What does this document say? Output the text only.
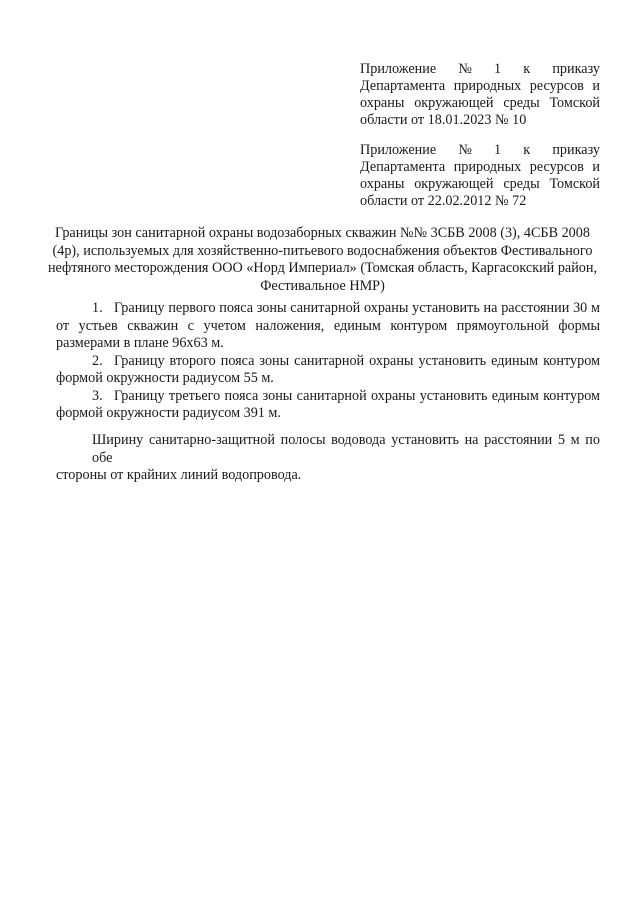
Приложение № 1 к приказу
Департамента природных ресурсов и
охраны окружающей среды Томской
области от 18.01.2023 № 10
Приложение № 1 к приказу
Департамента природных ресурсов и
охраны окружающей среды Томской
области от 22.02.2012 № 72
Границы зон санитарной охраны водозаборных скважин №№ 3СБВ 2008 (3), 4СБВ 2008
(4р), используемых для хозяйственно-питьевого водоснабжения объектов Фестивального
нефтяного месторождения ООО «Норд Империал» (Томская область, Каргасокский район,
Фестивальное НМР)
1. Границу первого пояса зоны санитарной охраны установить на расстоянии 30 м
от устьев скважин с учетом наложения, единым контуром прямоугольной формы размерами в плане 96х63 м.
2. Границу второго пояса зоны санитарной охраны установить единым контуром
формой окружности радиусом 55 м.
3. Границу третьего пояса зоны санитарной охраны установить единым контуром
формой окружности радиусом 391 м.
Ширину санитарно-защитной полосы водовода установить на расстоянии 5 м по обе
стороны от крайних линий водопровода.
